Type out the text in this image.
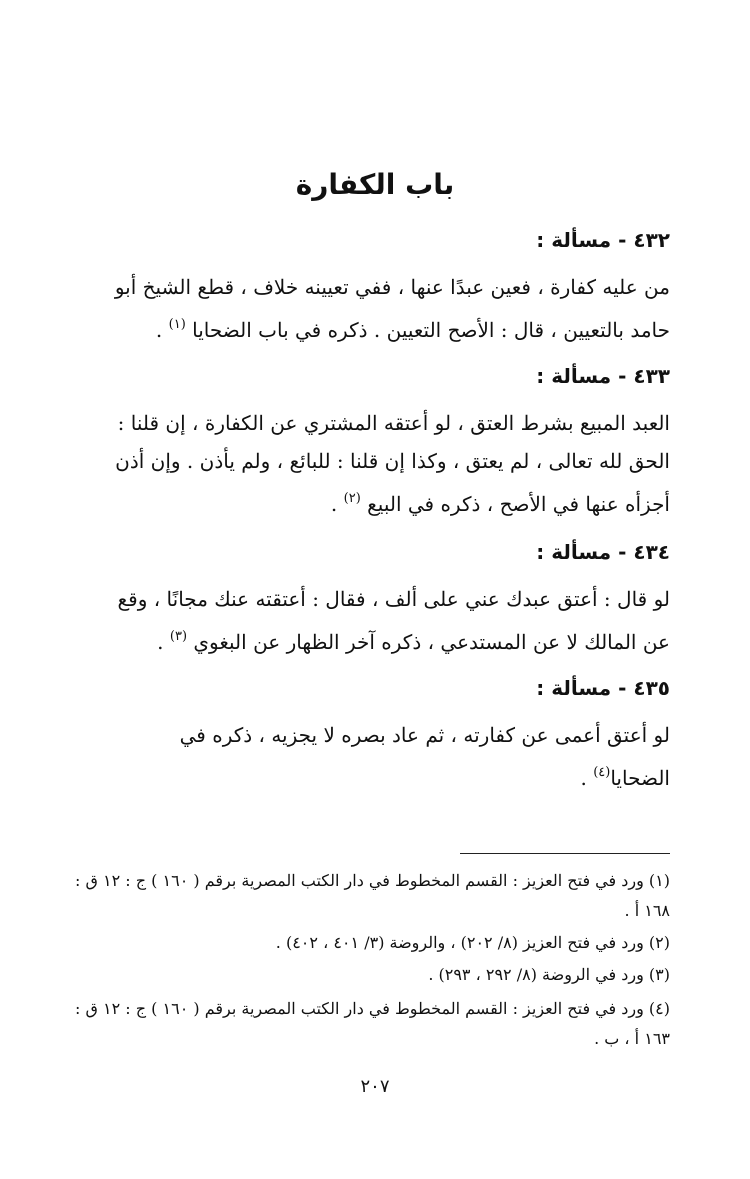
باب الكفارة
٤٣٢ - مسألة :
من عليه كفارة ، فعين عبدًا عنها ، ففي تعيينه خلاف ، قطع الشيخ أبو
حامد بالتعيين ، قال : الأصح التعيين . ذكره في باب الضحايا $^{(١)}$ .
٤٣٣ - مسألة :
العبد المبيع بشرط العتق ، لو أعتقه المشتري عن الكفارة ، إن قلنا :
الحق لله تعالى ، لم يعتق ، وكذا إن قلنا : للبائع ، ولم يأذن . وإن أذن
أجزأه عنها في الأصح ، ذكره في البيع $^{(٢)}$ .
٤٣٤ - مسألة :
لو قال : أعتق عبدك عني على ألف ، فقال : أعتقته عنك مجانًا ، وقع
عن المالك لا عن المستدعي ، ذكره آخر الظهار عن البغوي $^{(٣)}$ .
٤٣٥ - مسألة :
لو أعتق أعمى عن كفارته ، ثم عاد بصره لا يجزيه ، ذكره في
الضحايا$^{(٤)}$ .
(١) ورد في فتح العزيز : القسم المخطوط في دار الكتب المصرية برقم ( ١٦٠ ) ج : ١٢ ق :
١٦٨ أ .
(٢) ورد في فتح العزيز (٨/ ٢٠٢) ، والروضة (٣/ ٤٠١ ، ٤٠٢) .
(٣) ورد في الروضة (٨/ ٢٩٢ ، ٢٩٣) .
(٤) ورد في فتح العزيز : القسم المخطوط في دار الكتب المصرية برقم ( ١٦٠ ) ج : ١٢ ق :
١٦٣ أ ، ب .
٢٠٧
